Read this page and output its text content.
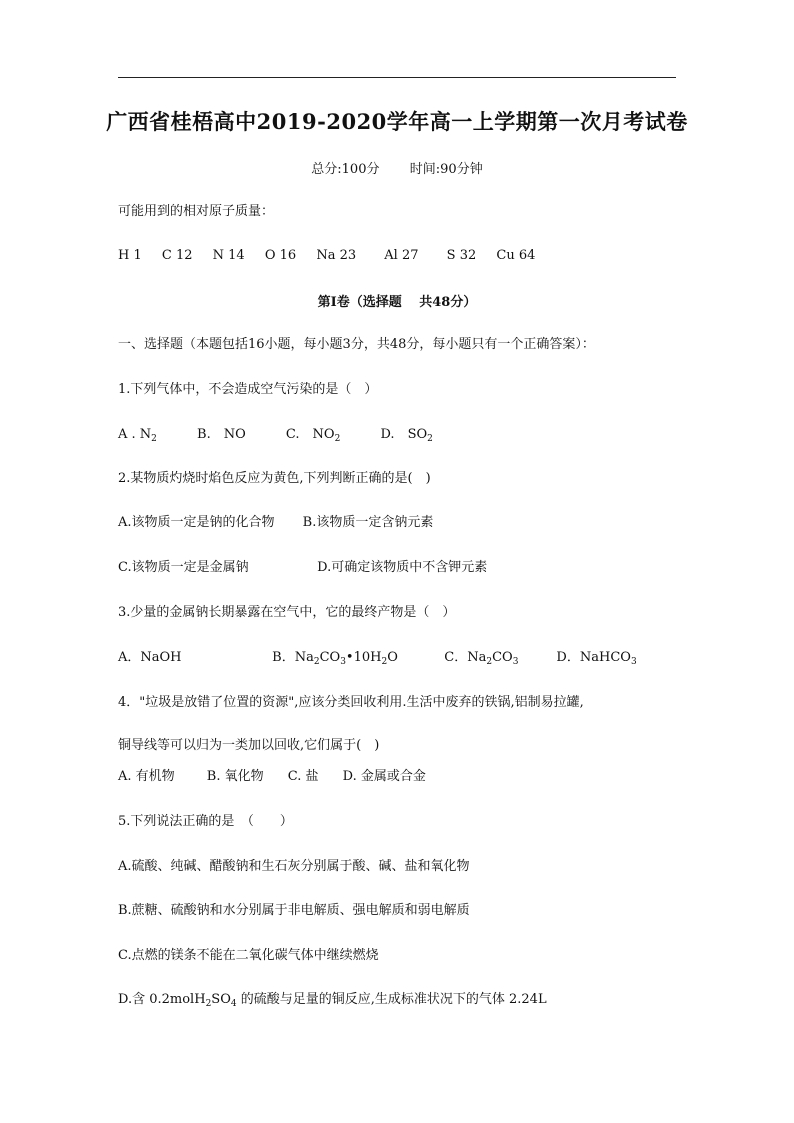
广西省桂梧高中2019-2020学年高一上学期第一次月考试卷
总分:100分 时间:90分钟
可能用到的相对原子质量：
H 1 C 12 N 14 O 16 Na 23 Al 27 S 32 Cu 64
第Ⅰ卷（选择题　 共48分）
一、选择题（本题包括16小题，每小题3分，共48分，每小题只有一个正确答案）：
1.下列气体中，不会造成空气污染的是（　）
A . $N_2$	B.　NO	C.　$NO_2$	D.　$SO_2$
2.某物质灼烧时焰色反应为黄色,下列判断正确的是(　)
A.该物质一定是钠的化合物 B.该物质一定含钠元素
C.该物质一定是金属钠	D.可确定该物质中不含钾元素
3.少量的金属钠长期暴露在空气中，它的最终产物是（　）
A．NaOH	B．$Na_2CO_3•10H_2O$	C．$Na_2CO_3$	D．NaHCO$_3$
4．"垃圾是放错了位置的资源",应该分类回收利用.生活中废弃的铁锅,铝制易拉罐,
铜导线等可以归为一类加以回收,它们属于(　)
A. 有机物 B. 氧化物 C. 盐 D. 金属或合金
5.下列说法正确的是　（　　）
A.硫酸、纯碱、醋酸钠和生石灰分别属于酸、碱、盐和氧化物
B.蔗糖、硫酸钠和水分别属于非电解质、强电解质和弱电解质
C.点燃的镁条不能在二氧化碳气体中继续燃烧
D.含 $0.2molH_2SO_4$ 的硫酸与足量的铜反应,生成标准状况下的气体 2.24L
